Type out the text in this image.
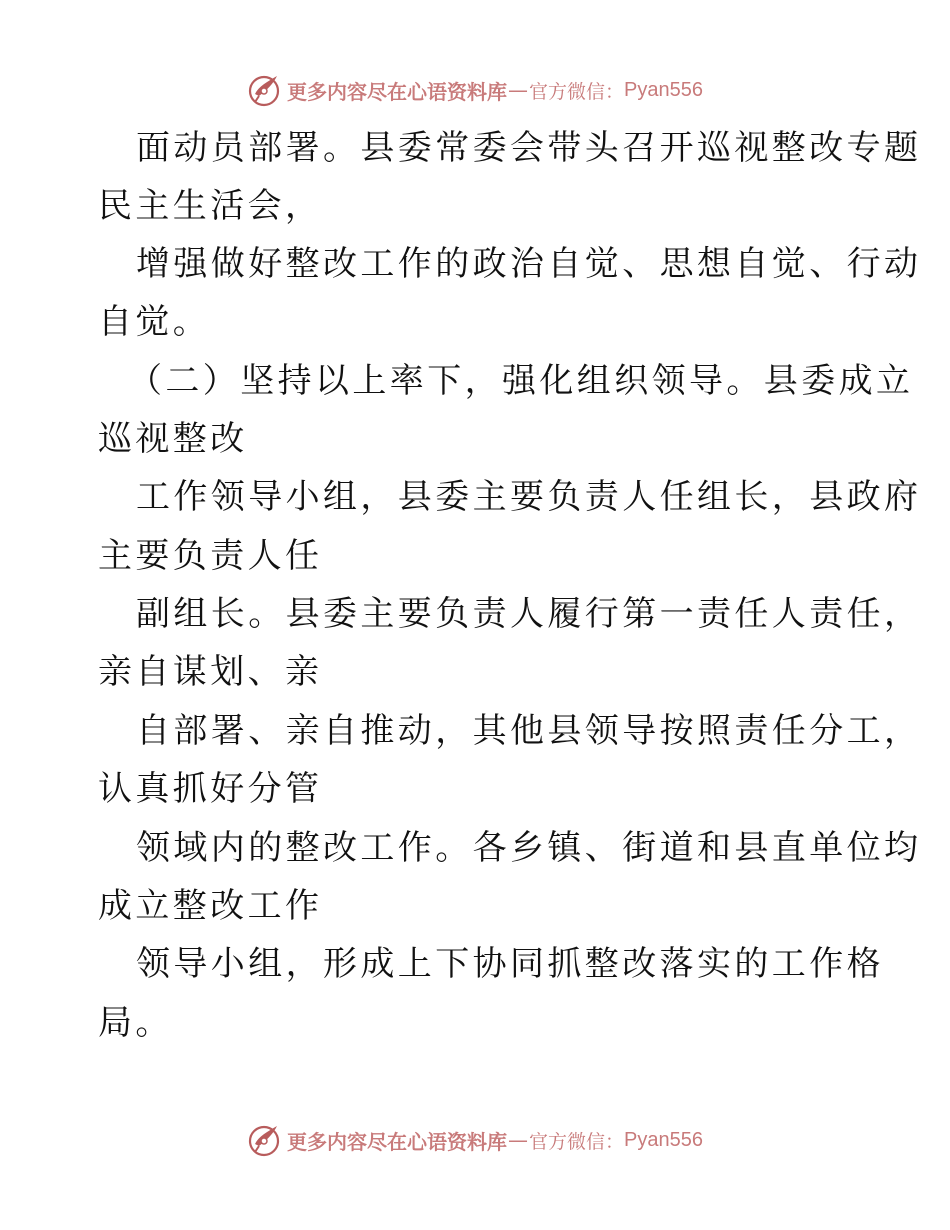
更多内容尽在心语资料库 — 官方微信： Pyan556
面动员部署。县委常委会带头召开巡视整改专题
民主生活会，
增强做好整改工作的政治自觉、思想自觉、行动
自觉。
（二）坚持以上率下，强化组织领导。县委成立
巡视整改
工作领导小组，县委主要负责人任组长，县政府
主要负责人任
副组长。县委主要负责人履行第一责任人责任，
亲自谋划、亲
自部署、亲自推动，其他县领导按照责任分工，
认真抓好分管
领域内的整改工作。各乡镇、街道和县直单位均
成立整改工作
领导小组，形成上下协同抓整改落实的工作格
局。
更多内容尽在心语资料库 — 官方微信： Pyan556
